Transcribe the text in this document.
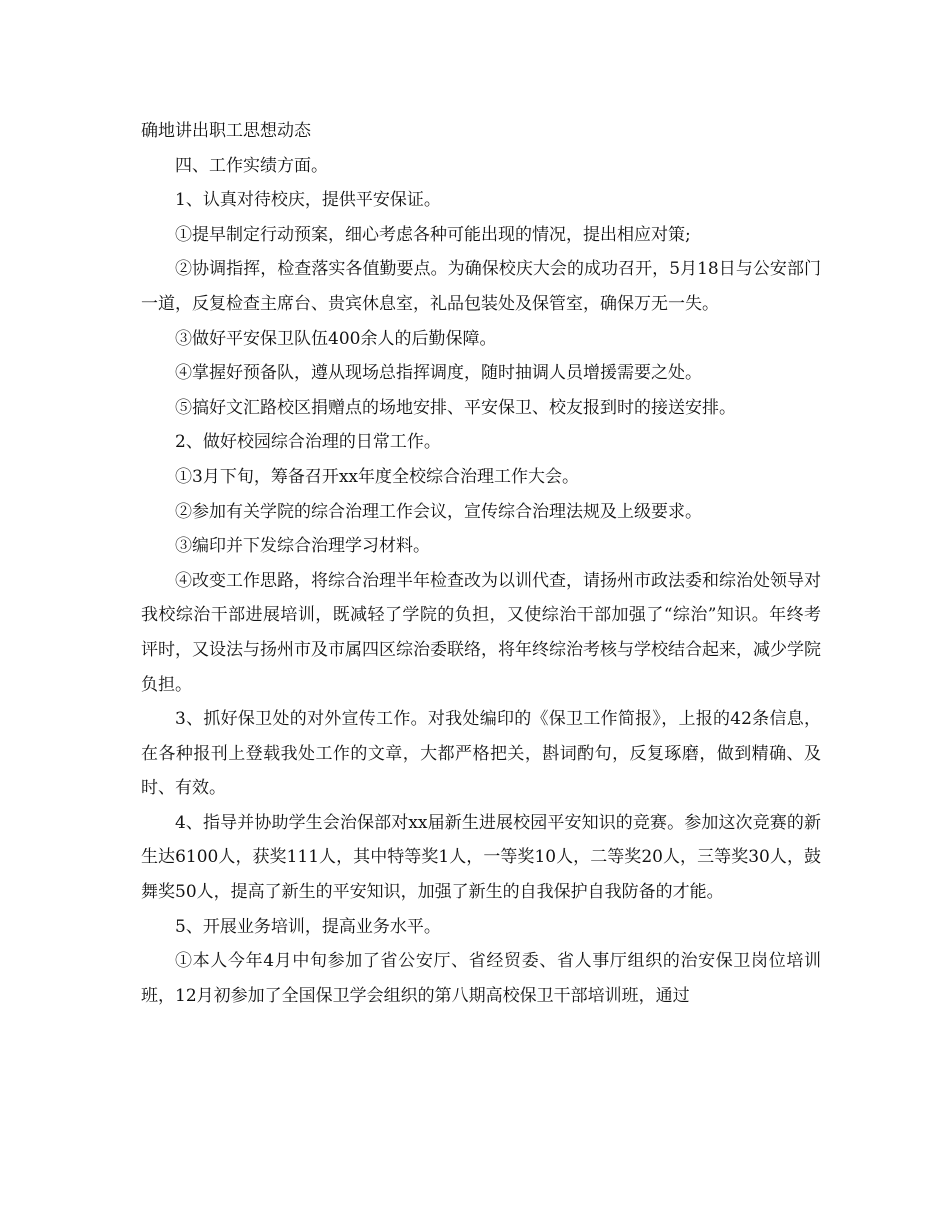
确地讲出职工思想动态

四、工作实绩方面。

1、认真对待校庆，提供平安保证。

①提早制定行动预案，细心考虑各种可能出现的情况，提出相应对策;

②协调指挥，检查落实各值勤要点。为确保校庆大会的成功召开，5月18日与公安部门一道，反复检查主席台、贵宾休息室，礼品包装处及保管室，确保万无一失。

③做好平安保卫队伍400余人的后勤保障。

④掌握好预备队，遵从现场总指挥调度，随时抽调人员增援需要之处。

⑤搞好文汇路校区捐赠点的场地安排、平安保卫、校友报到时的接送安排。

2、做好校园综合治理的日常工作。

①3月下旬，筹备召开xx年度全校综合治理工作大会。

②参加有关学院的综合治理工作会议，宣传综合治理法规及上级要求。

③编印并下发综合治理学习材料。

④改变工作思路，将综合治理半年检查改为以训代查，请扬州市政法委和综治处领导对我校综治干部进展培训，既减轻了学院的负担，又使综治干部加强了“综治”知识。年终考评时，又设法与扬州市及市属四区综治委联络，将年终综治考核与学校结合起来，减少学院负担。

3、抓好保卫处的对外宣传工作。对我处编印的《保卫工作简报》，上报的42条信息，在各种报刊上登载我处工作的文章，大都严格把关，斟词酌句，反复琢磨，做到精确、及时、有效。

4、指导并协助学生会治保部对xx届新生进展校园平安知识的竞赛。参加这次竞赛的新生达6100人，获奖111人，其中特等奖1人，一等奖10人，二等奖20人，三等奖30人，鼓舞奖50人，提高了新生的平安知识，加强了新生的自我保护自我防备的才能。

5、开展业务培训，提高业务水平。

①本人今年4月中旬参加了省公安厅、省经贸委、省人事厅组织的治安保卫岗位培训班，12月初参加了全国保卫学会组织的第八期高校保卫干部培训班，通过
